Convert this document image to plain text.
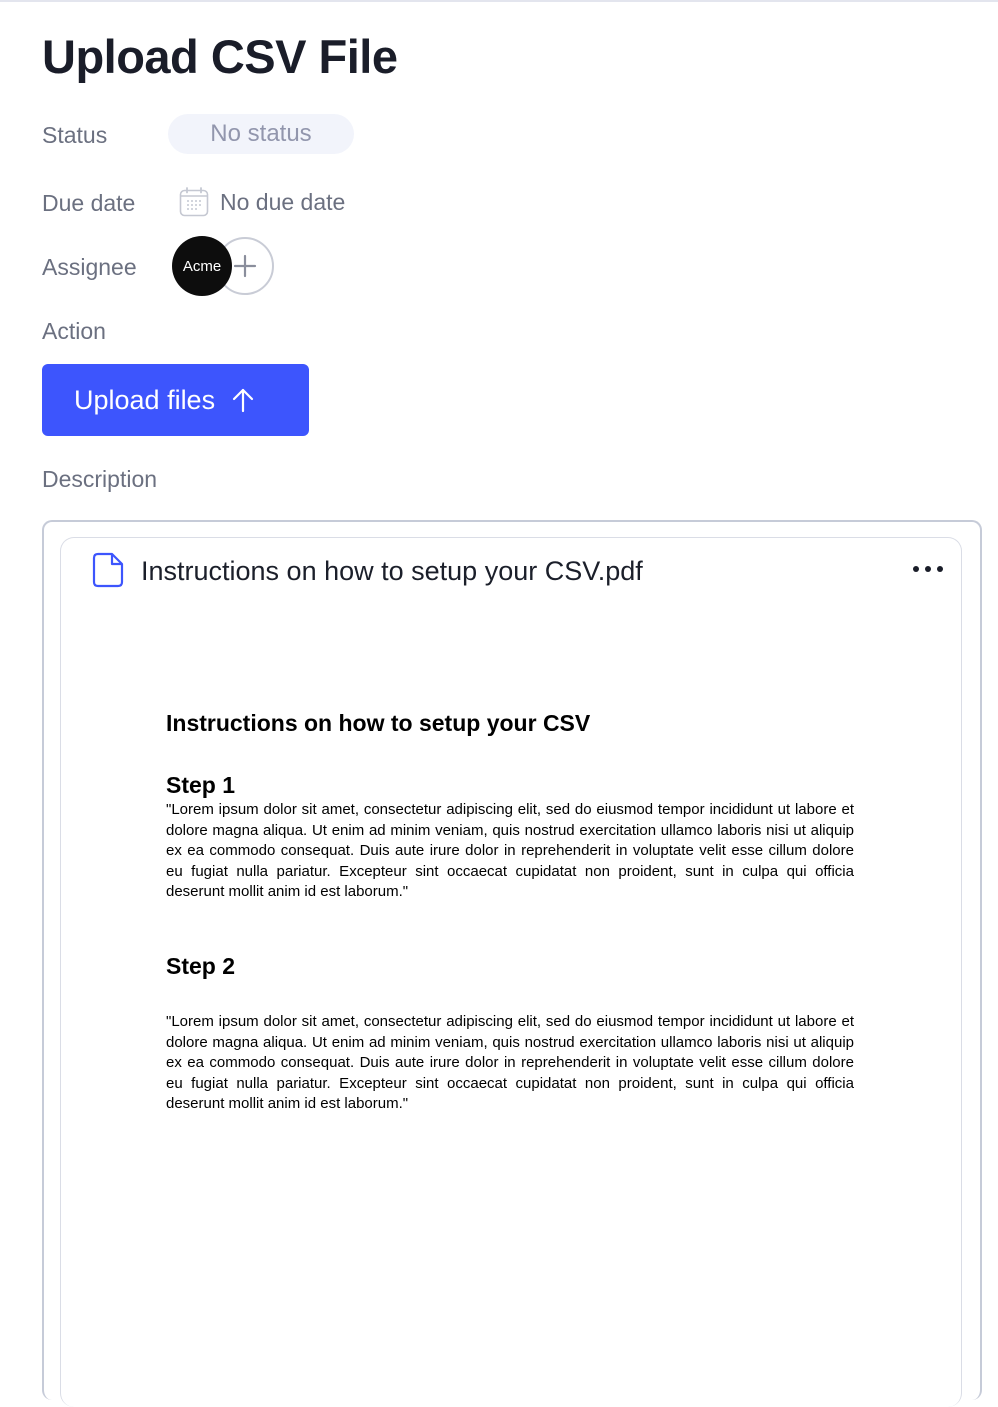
Upload CSV File
Status	No status
Due date	No due date
Assignee	Acme
Action
Upload files
Description
Instructions on how to setup your CSV.pdf
Instructions on how to setup your CSV
Step 1
"Lorem ipsum dolor sit amet, consectetur adipiscing elit, sed do eiusmod tempor incididunt ut labore et dolore magna aliqua. Ut enim ad minim veniam, quis nostrud exercitation ullamco laboris nisi ut aliquip ex ea commodo consequat. Duis aute irure dolor in reprehenderit in voluptate velit esse cillum dolore eu fugiat nulla pariatur. Excepteur sint occaecat cupidatat non proident, sunt in culpa qui officia deserunt mollit anim id est laborum."
Step 2
"Lorem ipsum dolor sit amet, consectetur adipiscing elit, sed do eiusmod tempor incididunt ut labore et dolore magna aliqua. Ut enim ad minim veniam, quis nostrud exercitation ullamco laboris nisi ut aliquip ex ea commodo consequat. Duis aute irure dolor in reprehenderit in voluptate velit esse cillum dolore eu fugiat nulla pariatur. Excepteur sint occaecat cupidatat non proident, sunt in culpa qui officia deserunt mollit anim id est laborum."
